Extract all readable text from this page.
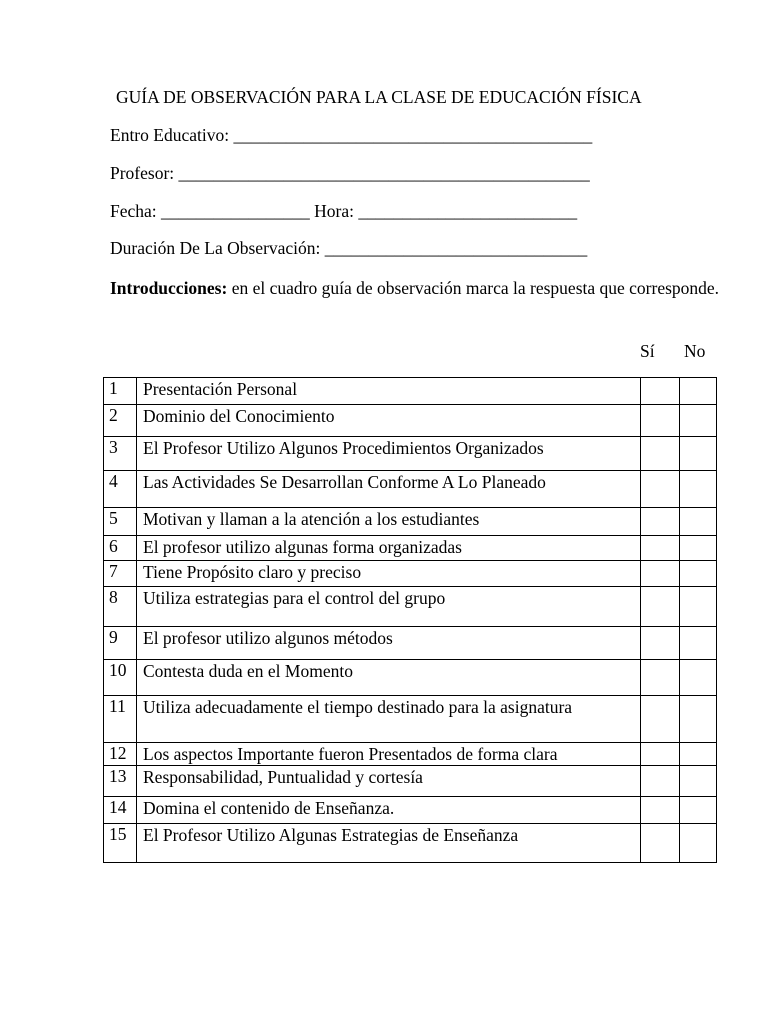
GUÍA DE OBSERVACIÓN PARA LA CLASE DE EDUCACIÓN FÍSICA
Entro Educativo: _________________________________________
Profesor: _______________________________________________
Fecha: _________________ Hora: _________________________
Duración De La Observación: ______________________________
Introducciones: en el cuadro guía de observación marca la respuesta que corresponde.
Sí No
1	Presentación Personal		
2	Dominio del Conocimiento		
3	El Profesor Utilizo Algunos Procedimientos Organizados		
4	Las Actividades Se Desarrollan Conforme A Lo Planeado		
5	Motivan y llaman a la atención a los estudiantes		
6	El profesor utilizo algunas forma organizadas		
7	Tiene Propósito claro y preciso		
8	Utiliza estrategias para el control del grupo		
9	El profesor utilizo algunos métodos		
10	Contesta duda en el Momento		
11	Utiliza adecuadamente el tiempo destinado para la asignatura		
12	Los aspectos Importante fueron Presentados de forma clara		
13	Responsabilidad, Puntualidad y cortesía		
14	Domina el contenido de Enseñanza.		
15	El Profesor Utilizo Algunas Estrategias de Enseñanza		
